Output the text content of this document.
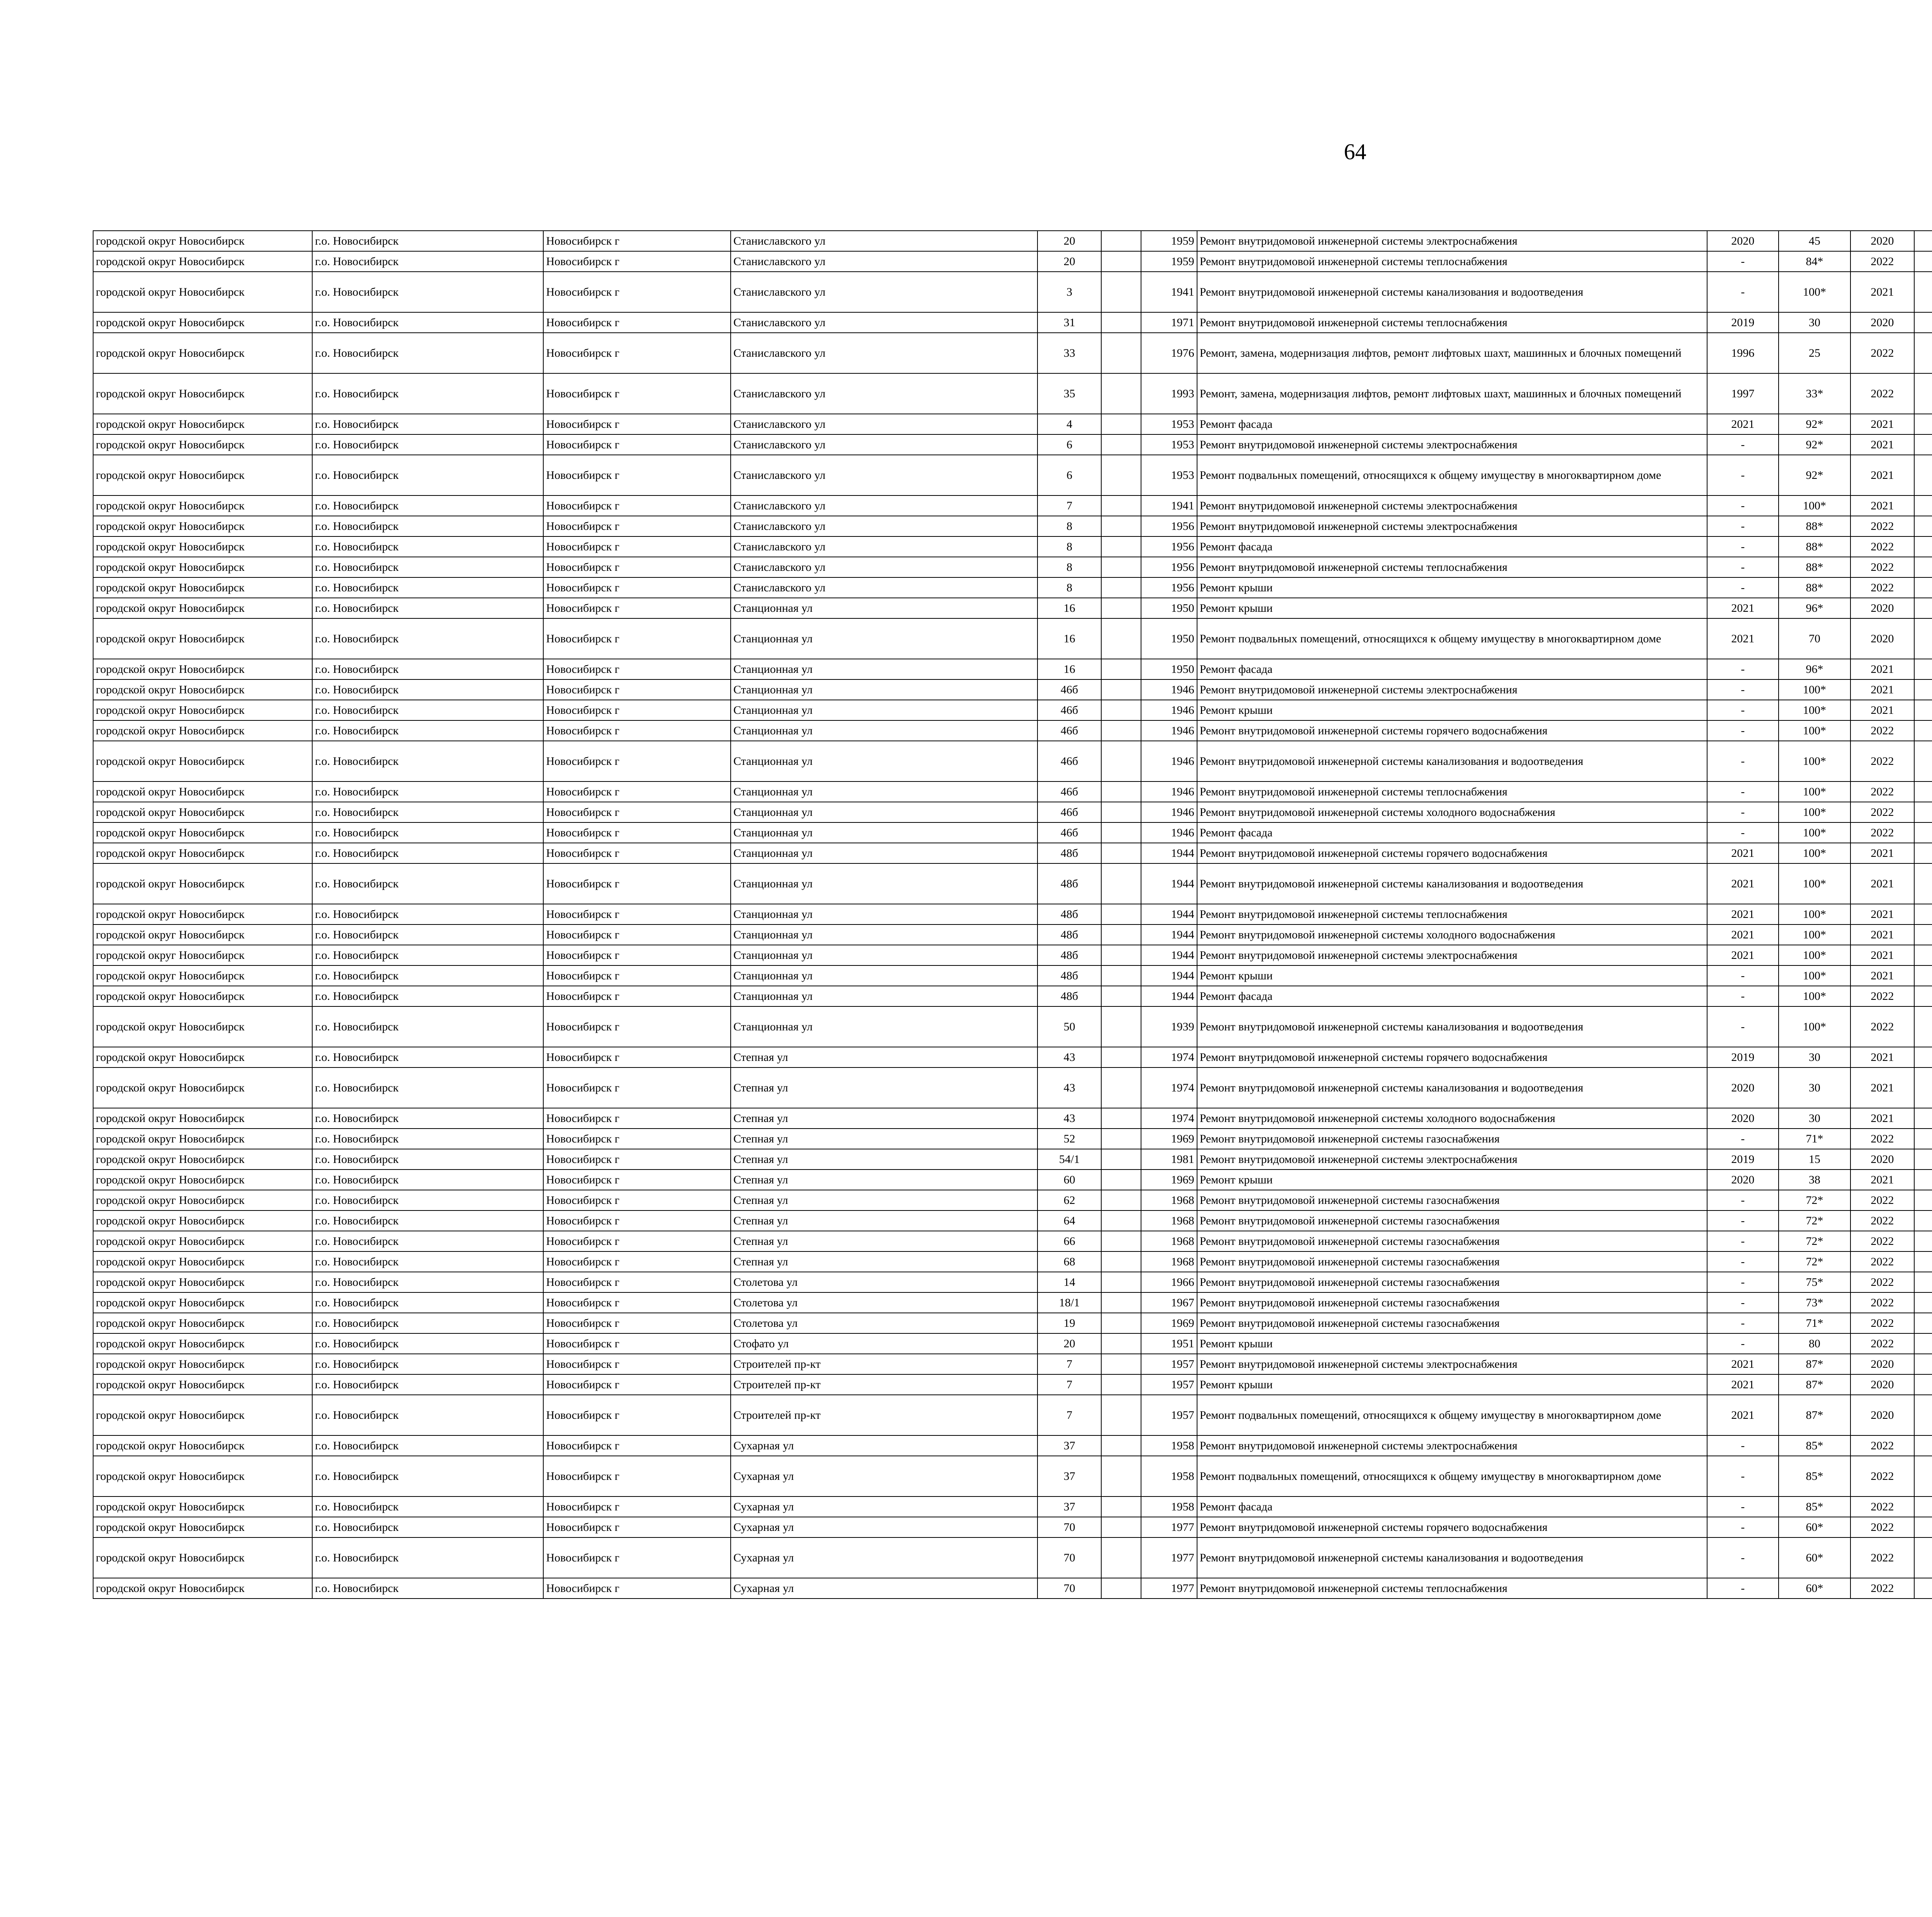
64
городской округ Новосибирск	г.о. Новосибирск	Новосибирск г	Станиславского ул	20		1959	Ремонт внутридомовой инженерной системы электроснабжения	2020	45	2020							
городской округ Новосибирск	г.о. Новосибирск	Новосибирск г	Станиславского ул	20		1959	Ремонт внутридомовой инженерной системы теплоснабжения	-	84*	2022							
городской округ Новосибирск	г.о. Новосибирск	Новосибирск г	Станиславского ул	3		1941	Ремонт внутридомовой инженерной системы канализования и водоотведения	-	100*	2021							
городской округ Новосибирск	г.о. Новосибирск	Новосибирск г	Станиславского ул	31		1971	Ремонт внутридомовой инженерной системы теплоснабжения	2019	30	2020							
городской округ Новосибирск	г.о. Новосибирск	Новосибирск г	Станиславского ул	33		1976	Ремонт, замена, модернизация лифтов, ремонт лифтовых шахт, машинных и блочных помещений	1996	25	2022							
городской округ Новосибирск	г.о. Новосибирск	Новосибирск г	Станиславского ул	35		1993	Ремонт, замена, модернизация лифтов, ремонт лифтовых шахт, машинных и блочных помещений	1997	33*	2022							
городской округ Новосибирск	г.о. Новосибирск	Новосибирск г	Станиславского ул	4		1953	Ремонт фасада	2021	92*	2021							
городской округ Новосибирск	г.о. Новосибирск	Новосибирск г	Станиславского ул	6		1953	Ремонт внутридомовой инженерной системы электроснабжения	-	92*	2021							
городской округ Новосибирск	г.о. Новосибирск	Новосибирск г	Станиславского ул	6		1953	Ремонт подвальных помещений, относящихся к общему имуществу в многоквартирном доме	-	92*	2021							
городской округ Новосибирск	г.о. Новосибирск	Новосибирск г	Станиславского ул	7		1941	Ремонт внутридомовой инженерной системы электроснабжения	-	100*	2021							
городской округ Новосибирск	г.о. Новосибирск	Новосибирск г	Станиславского ул	8		1956	Ремонт внутридомовой инженерной системы электроснабжения	-	88*	2022							
городской округ Новосибирск	г.о. Новосибирск	Новосибирск г	Станиславского ул	8		1956	Ремонт фасада	-	88*	2022							
городской округ Новосибирск	г.о. Новосибирск	Новосибирск г	Станиславского ул	8		1956	Ремонт внутридомовой инженерной системы теплоснабжения	-	88*	2022							
городской округ Новосибирск	г.о. Новосибирск	Новосибирск г	Станиславского ул	8		1956	Ремонт крыши	-	88*	2022							
городской округ Новосибирск	г.о. Новосибирск	Новосибирск г	Станционная ул	16		1950	Ремонт крыши	2021	96*	2020							
городской округ Новосибирск	г.о. Новосибирск	Новосибирск г	Станционная ул	16		1950	Ремонт подвальных помещений, относящихся к общему имуществу в многоквартирном доме	2021	70	2020							
городской округ Новосибирск	г.о. Новосибирск	Новосибирск г	Станционная ул	16		1950	Ремонт фасада	-	96*	2021							
городской округ Новосибирск	г.о. Новосибирск	Новосибирск г	Станционная ул	46б		1946	Ремонт внутридомовой инженерной системы электроснабжения	-	100*	2021							
городской округ Новосибирск	г.о. Новосибирск	Новосибирск г	Станционная ул	46б		1946	Ремонт крыши	-	100*	2021							
городской округ Новосибирск	г.о. Новосибирск	Новосибирск г	Станционная ул	46б		1946	Ремонт внутридомовой инженерной системы горячего водоснабжения	-	100*	2022							
городской округ Новосибирск	г.о. Новосибирск	Новосибирск г	Станционная ул	46б		1946	Ремонт внутридомовой инженерной системы канализования и водоотведения	-	100*	2022							
городской округ Новосибирск	г.о. Новосибирск	Новосибирск г	Станционная ул	46б		1946	Ремонт внутридомовой инженерной системы теплоснабжения	-	100*	2022							
городской округ Новосибирск	г.о. Новосибирск	Новосибирск г	Станционная ул	46б		1946	Ремонт внутридомовой инженерной системы холодного водоснабжения	-	100*	2022							
городской округ Новосибирск	г.о. Новосибирск	Новосибирск г	Станционная ул	46б		1946	Ремонт фасада	-	100*	2022							
городской округ Новосибирск	г.о. Новосибирск	Новосибирск г	Станционная ул	48б		1944	Ремонт внутридомовой инженерной системы горячего водоснабжения	2021	100*	2021							
городской округ Новосибирск	г.о. Новосибирск	Новосибирск г	Станционная ул	48б		1944	Ремонт внутридомовой инженерной системы канализования и водоотведения	2021	100*	2021							
городской округ Новосибирск	г.о. Новосибирск	Новосибирск г	Станционная ул	48б		1944	Ремонт внутридомовой инженерной системы теплоснабжения	2021	100*	2021							
городской округ Новосибирск	г.о. Новосибирск	Новосибирск г	Станционная ул	48б		1944	Ремонт внутридомовой инженерной системы холодного водоснабжения	2021	100*	2021							
городской округ Новосибирск	г.о. Новосибирск	Новосибирск г	Станционная ул	48б		1944	Ремонт внутридомовой инженерной системы электроснабжения	2021	100*	2021							
городской округ Новосибирск	г.о. Новосибирск	Новосибирск г	Станционная ул	48б		1944	Ремонт крыши	-	100*	2021							
городской округ Новосибирск	г.о. Новосибирск	Новосибирск г	Станционная ул	48б		1944	Ремонт фасада	-	100*	2022							
городской округ Новосибирск	г.о. Новосибирск	Новосибирск г	Станционная ул	50		1939	Ремонт внутридомовой инженерной системы канализования и водоотведения	-	100*	2022							
городской округ Новосибирск	г.о. Новосибирск	Новосибирск г	Степная ул	43		1974	Ремонт внутридомовой инженерной системы горячего водоснабжения	2019	30	2021							
городской округ Новосибирск	г.о. Новосибирск	Новосибирск г	Степная ул	43		1974	Ремонт внутридомовой инженерной системы канализования и водоотведения	2020	30	2021							
городской округ Новосибирск	г.о. Новосибирск	Новосибирск г	Степная ул	43		1974	Ремонт внутридомовой инженерной системы холодного водоснабжения	2020	30	2021							
городской округ Новосибирск	г.о. Новосибирск	Новосибирск г	Степная ул	52		1969	Ремонт внутридомовой инженерной системы газоснабжения	-	71*	2022							
городской округ Новосибирск	г.о. Новосибирск	Новосибирск г	Степная ул	54/1		1981	Ремонт внутридомовой инженерной системы электроснабжения	2019	15	2020							
городской округ Новосибирск	г.о. Новосибирск	Новосибирск г	Степная ул	60		1969	Ремонт крыши	2020	38	2021							
городской округ Новосибирск	г.о. Новосибирск	Новосибирск г	Степная ул	62		1968	Ремонт внутридомовой инженерной системы газоснабжения	-	72*	2022							
городской округ Новосибирск	г.о. Новосибирск	Новосибирск г	Степная ул	64		1968	Ремонт внутридомовой инженерной системы газоснабжения	-	72*	2022							
городской округ Новосибирск	г.о. Новосибирск	Новосибирск г	Степная ул	66		1968	Ремонт внутридомовой инженерной системы газоснабжения	-	72*	2022							
городской округ Новосибирск	г.о. Новосибирск	Новосибирск г	Степная ул	68		1968	Ремонт внутридомовой инженерной системы газоснабжения	-	72*	2022							
городской округ Новосибирск	г.о. Новосибирск	Новосибирск г	Столетова ул	14		1966	Ремонт внутридомовой инженерной системы газоснабжения	-	75*	2022							
городской округ Новосибирск	г.о. Новосибирск	Новосибирск г	Столетова ул	18/1		1967	Ремонт внутридомовой инженерной системы газоснабжения	-	73*	2022							
городской округ Новосибирск	г.о. Новосибирск	Новосибирск г	Столетова ул	19		1969	Ремонт внутридомовой инженерной системы газоснабжения	-	71*	2022							
городской округ Новосибирск	г.о. Новосибирск	Новосибирск г	Стофато ул	20		1951	Ремонт крыши	-	80	2022							
городской округ Новосибирск	г.о. Новосибирск	Новосибирск г	Строителей пр-кт	7		1957	Ремонт внутридомовой инженерной системы электроснабжения	2021	87*	2020							
городской округ Новосибирск	г.о. Новосибирск	Новосибирск г	Строителей пр-кт	7		1957	Ремонт крыши	2021	87*	2020							
городской округ Новосибирск	г.о. Новосибирск	Новосибирск г	Строителей пр-кт	7		1957	Ремонт подвальных помещений, относящихся к общему имуществу в многоквартирном доме	2021	87*	2020							
городской округ Новосибирск	г.о. Новосибирск	Новосибирск г	Сухарная ул	37		1958	Ремонт внутридомовой инженерной системы электроснабжения	-	85*	2022							
городской округ Новосибирск	г.о. Новосибирск	Новосибирск г	Сухарная ул	37		1958	Ремонт подвальных помещений, относящихся к общему имуществу в многоквартирном доме	-	85*	2022							
городской округ Новосибирск	г.о. Новосибирск	Новосибирск г	Сухарная ул	37		1958	Ремонт фасада	-	85*	2022							
городской округ Новосибирск	г.о. Новосибирск	Новосибирск г	Сухарная ул	70		1977	Ремонт внутридомовой инженерной системы горячего водоснабжения	-	60*	2022							
городской округ Новосибирск	г.о. Новосибирск	Новосибирск г	Сухарная ул	70		1977	Ремонт внутридомовой инженерной системы канализования и водоотведения	-	60*	2022							
городской округ Новосибирск	г.о. Новосибирск	Новосибирск г	Сухарная ул	70		1977	Ремонт внутридомовой инженерной системы теплоснабжения	-	60*	2022							
